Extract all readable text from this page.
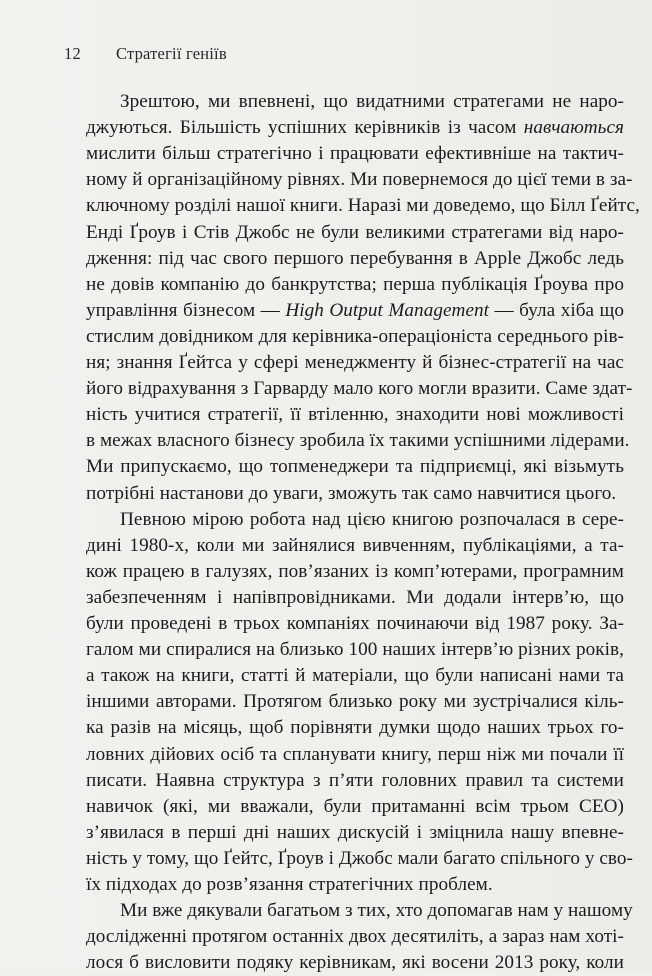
12 Стратегії геніїв
Зрештою, ми впевнені, що видатними стратегами не наро-
джуються. Більшість успішних керівників із часом навчаються
мислити більш стратегічно і працювати ефективніше на тактич-
ному й організаційному рівнях. Ми повернемося до цієї теми в за-
ключному розділі нашої книги. Наразі ми доведемо, що Білл Ґейтс,
Енді Ґроув і Стів Джобс не були великими стратегами від наро-
дження: під час свого першого перебування в Apple Джобс ледь
не довів компанію до банкрутства; перша публікація Ґроува про
управління бізнесом — High Output Management — була хіба що
стислим довідником для керівника-операціоніста середнього рів-
ня; знання Ґейтса у сфері менеджменту й бізнес-стратегії на час
його відрахування з Гарварду мало кого могли вразити. Саме здат-
ність учитися стратегії, її втіленню, знаходити нові можливості
в межах власного бізнесу зробила їх такими успішними лідерами.
Ми припускаємо, що топменеджери та підприємці, які візьмуть
потрібні настанови до уваги, зможуть так само навчитися цього.
Певною мірою робота над цією книгою розпочалася в сере-
дині 1980-х, коли ми зайнялися вивченням, публікаціями, а та-
кож працею в галузях, пов’язаних із комп’ютерами, програмним
забезпеченням і напівпровідниками. Ми додали інтерв’ю, що
були проведені в трьох компаніях починаючи від 1987 року. За-
галом ми спиралися на близько 100 наших інтерв’ю різних років,
а також на книги, статті й матеріали, що були написані нами та
іншими авторами. Протягом близько року ми зустрічалися кіль-
ка разів на місяць, щоб порівняти думки щодо наших трьох го-
ловних дійових осіб та спланувати книгу, перш ніж ми почали її
писати. Наявна структура з п’яти головних правил та системи
навичок (які, ми вважали, були притаманні всім трьом СЕО)
з’явилася в перші дні наших дискусій і зміцнила нашу впевне-
ність у тому, що Ґейтс, Ґроув і Джобс мали багато спільного у сво-
їх підходах до розв’язання стратегічних проблем.
Ми вже дякували багатьом з тих, хто допомагав нам у нашому
дослідженні протягом останніх двох десятиліть, а зараз нам хоті-
лося б висловити подяку керівникам, які восени 2013 року, коли
